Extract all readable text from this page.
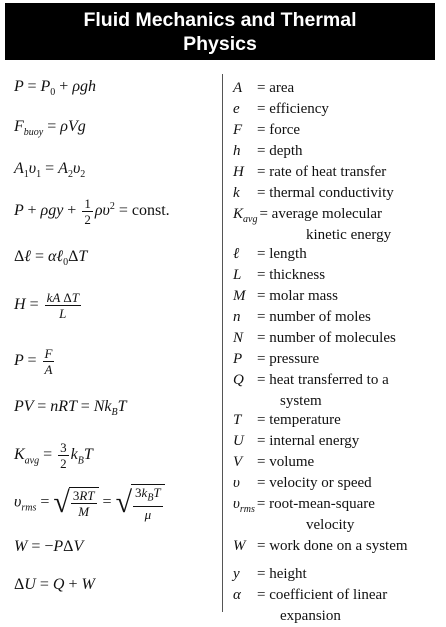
Fluid Mechanics and Thermal
Physics
$P = P_0 + \rho gh$
$F_{buoy} = \rho Vg$
$A_1\upsilon_1 = A_2\upsilon_2$
$P + \rho gy + \frac{1}{2} \rho\upsilon^2$ = const.
Δℓ = αℓ$_0$ΔT
$H = \frac{\text{kA ΔT}}{L}$
$P = \frac{F}{A}$
PV = nRT = $Nk_BT$
$K_{avg} = \frac{3}{2} k_BT$
$\upsilon_{rms}$ = √ $\frac{3RT}{M}$ = √ $\frac{3k_BT}{\mu}$
W = −PΔV
ΔU = Q + W
A = area
e = efficiency
F = force
h = depth
H = rate of heat transfer
k = thermal conductivity
$K_{avg}$ = average molecular
kinetic energy
ℓ = length
L = thickness
M = molar mass
n = number of moles
N = number of molecules
P = pressure
Q = heat transferred to a
system
T = temperature
U = internal energy
V = volume
υ = velocity or speed
$\upsilon_{rms}$ = root-mean-square
velocity
W = work done on a system
y = height
α = coefficient of linear
expansion
